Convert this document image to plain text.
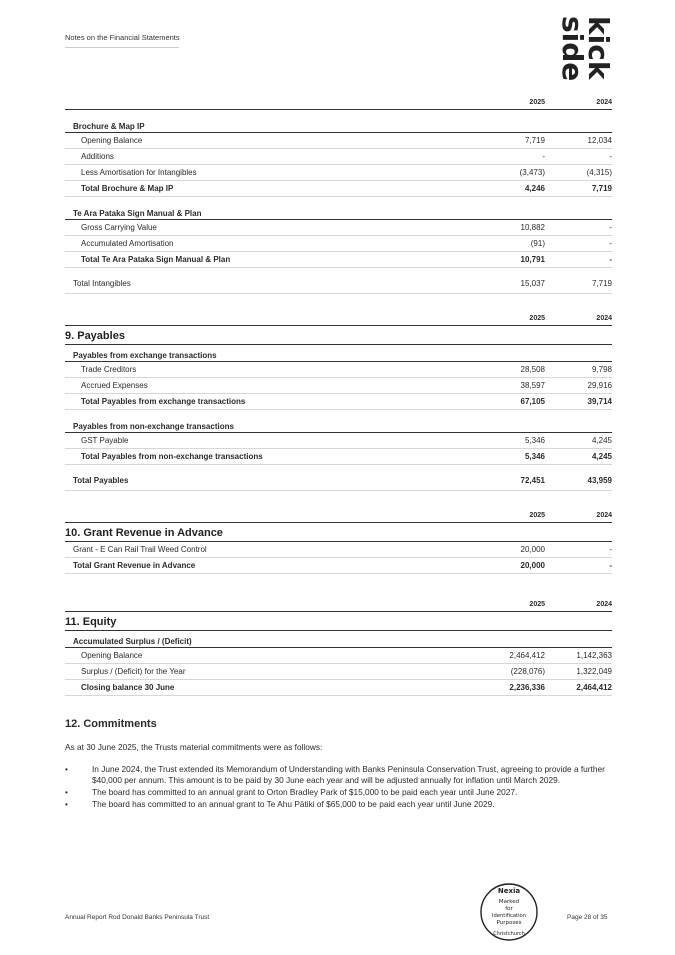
Notes on the Financial Statements	kick
side
2025	2024
Brochure & Map IP
Opening Balance	7,719	12,034
Additions	-	-
Less Amortisation for Intangibles	(3,473)	(4,315)
Total Brochure & Map IP	4,246	7,719
Te Ara Pataka Sign Manual & Plan
Gross Carrying Value	10,882	-
Accumulated Amortisation	(91)	-
Total Te Ara Pataka Sign Manual & Plan	10,791	-
Total Intangibles	15,037	7,719
2025	2024
9. Payables
Payables from exchange transactions
Trade Creditors	28,508	9,798
Accrued Expenses	38,597	29,916
Total Payables from exchange transactions	67,105	39,714
Payables from non-exchange transactions
GST Payable	5,346	4,245
Total Payables from non-exchange transactions	5,346	4,245
Total Payables	72,451	43,959
2025	2024
10. Grant Revenue in Advance
Grant - E Can Rail Trail Weed Control	20,000	-
Total Grant Revenue in Advance	20,000	-
2025	2024
11. Equity
Accumulated Surplus / (Deficit)
Opening Balance	2,464,412	1,142,363
Surplus / (Deficit) for the Year	(228,076)	1,322,049
Closing balance 30 June	2,236,336	2,464,412
12. Commitments
As at 30 June 2025, the Trusts material commitments were as follows:
• In June 2024, the Trust extended its Memorandum of Understanding with Banks Peninsula Conservation Trust, agreeing to provide a further $40,000 per annum. This amount is to be paid by 30 June each year and will be adjusted annually for inflation until March 2029.
• The board has committed to an annual grant to Orton Bradley Park of $15,000 to be paid each year until June 2027.
• The board has committed to an annual grant to Te Ahu Pātiki of $65,000 to be paid each year until June 2029.
Nexia
Marked
for
Identification
Purposes
Christchurch
Annual Report Rod Donald Banks Peninsula Trust	Page 28 of 35
